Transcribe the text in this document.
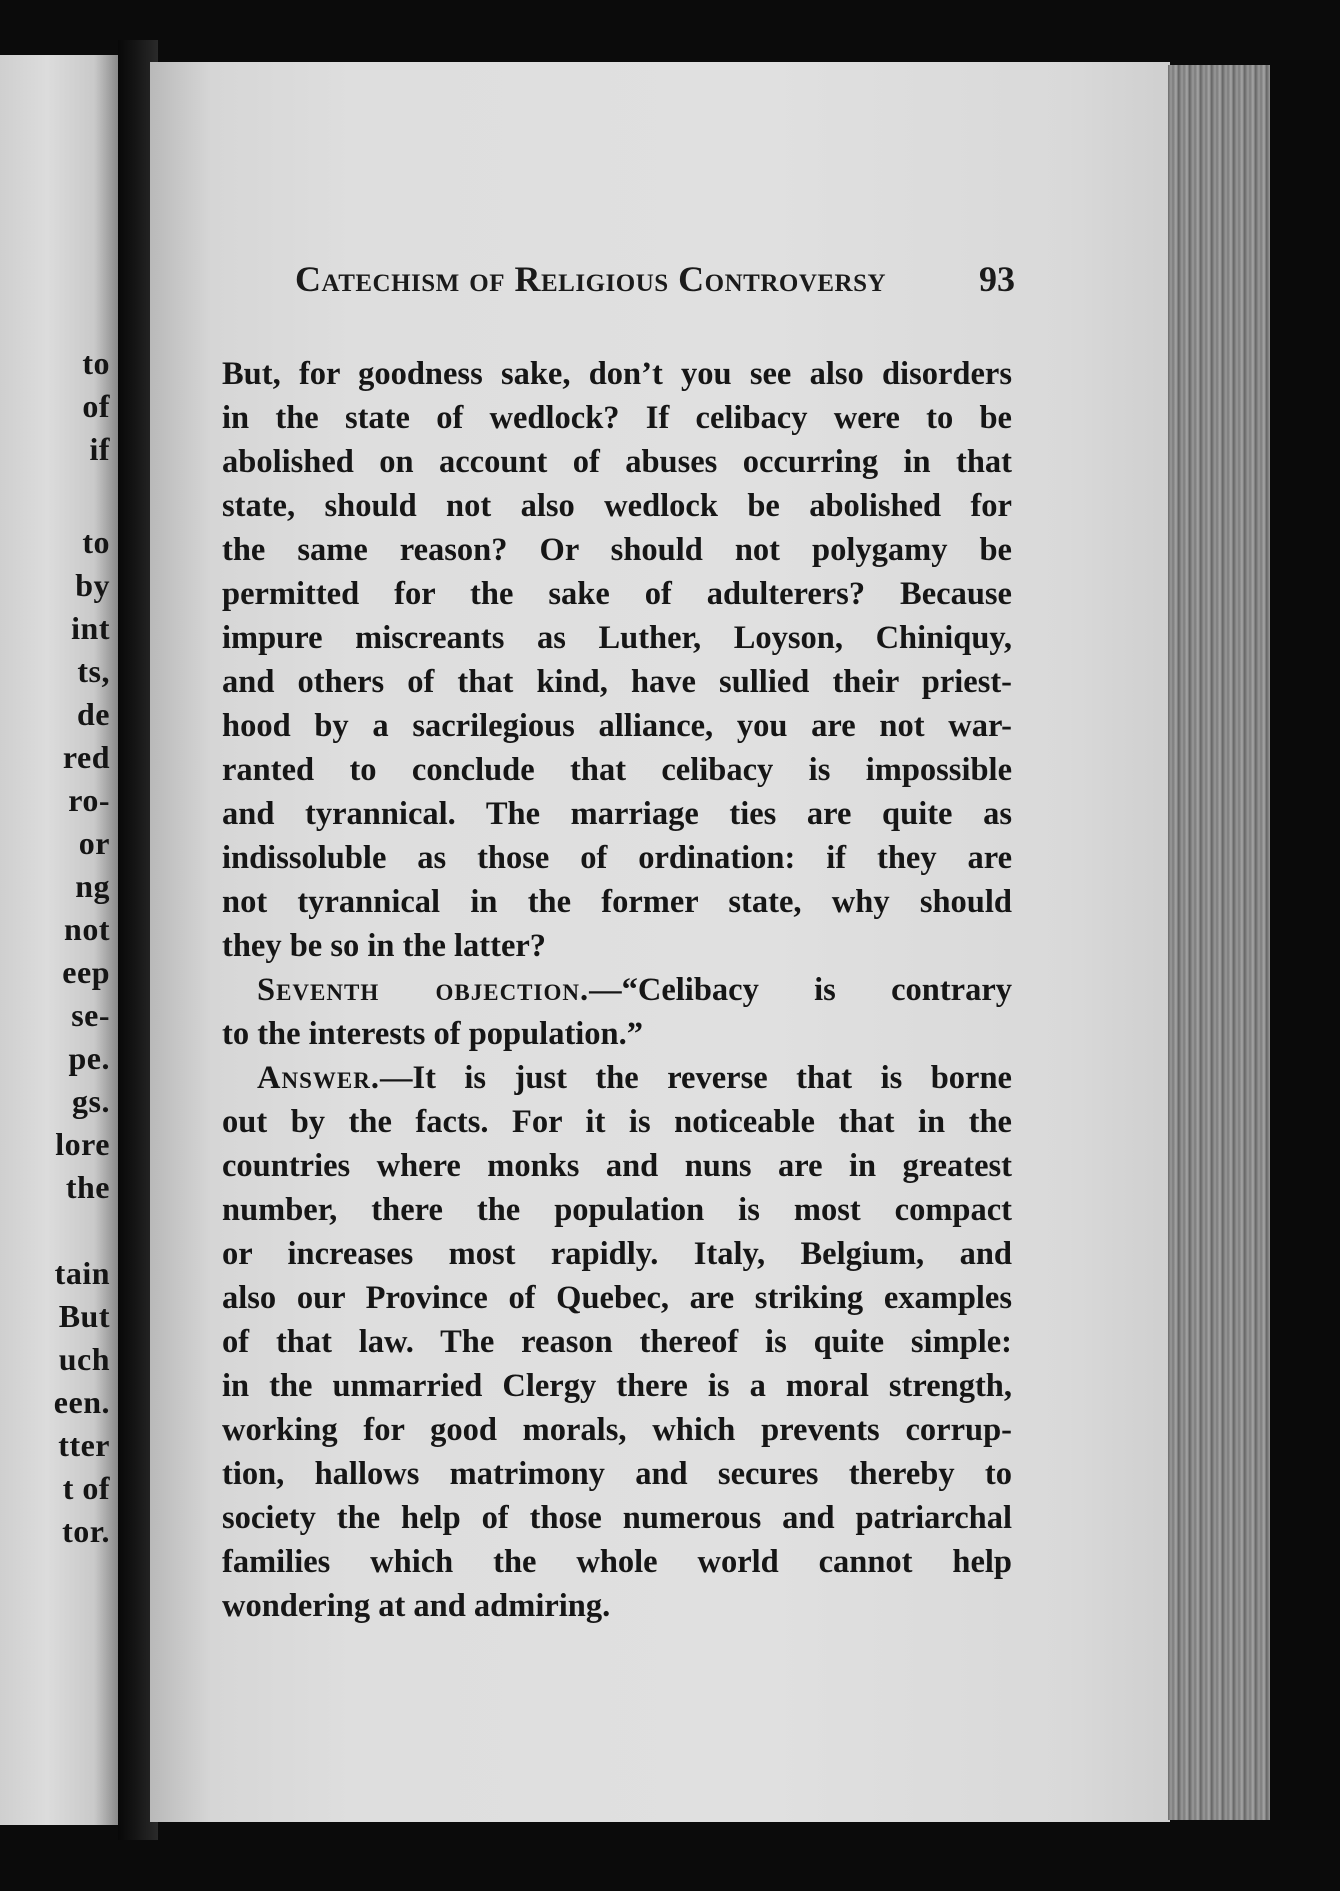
to
of
if
to
by
int
ts,
de
red
ro-
or
ng
not
eep
se-
pe.
gs.
lore
the
tain
But
uch
een.
tter
t of
tor.
Catechism of Religious Controversy	93
But, for goodness sake, don’t you see also disorders
in the state of wedlock? If celibacy were to be
abolished on account of abuses occurring in that
state, should not also wedlock be abolished for
the same reason? Or should not polygamy be
permitted for the sake of adulterers? Because
impure miscreants as Luther, Loyson, Chiniquy,
and others of that kind, have sullied their priest-
hood by a sacrilegious alliance, you are not war-
ranted to conclude that celibacy is impossible
and tyrannical. The marriage ties are quite as
indissoluble as those of ordination: if they are
not tyrannical in the former state, why should
they be so in the latter?
Seventh objection.—“Celibacy is contrary
to the interests of population.”
Answer.—It is just the reverse that is borne
out by the facts. For it is noticeable that in the
countries where monks and nuns are in greatest
number, there the population is most compact
or increases most rapidly. Italy, Belgium, and
also our Province of Quebec, are striking examples
of that law. The reason thereof is quite simple:
in the unmarried Clergy there is a moral strength,
working for good morals, which prevents corrup-
tion, hallows matrimony and secures thereby to
society the help of those numerous and patriarchal
families which the whole world cannot help
wondering at and admiring.
